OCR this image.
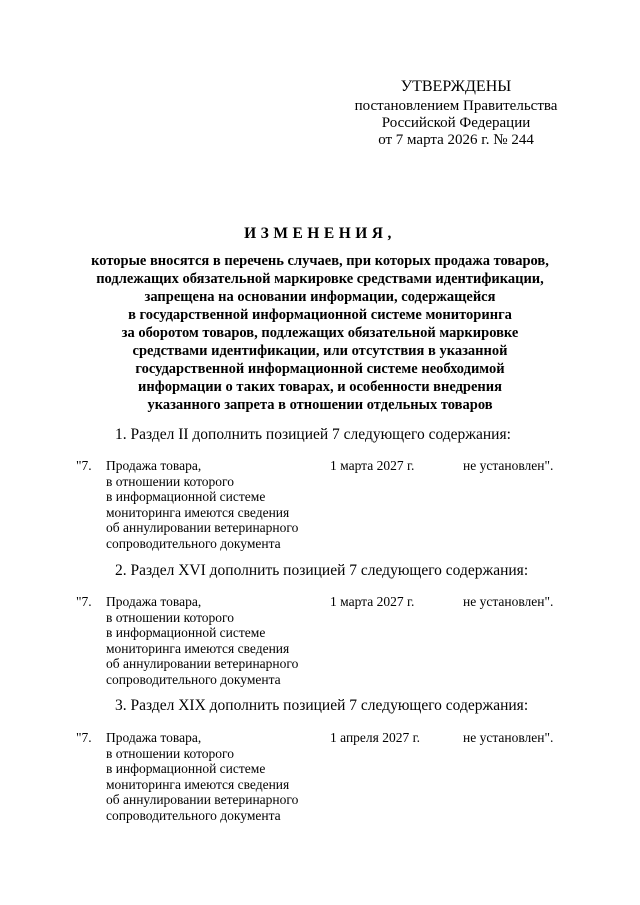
УТВЕРЖДЕНЫ
постановлением Правительства
Российской Федерации
от 7 марта 2026 г. № 244
ИЗМЕНЕНИЯ,
которые вносятся в перечень случаев, при которых продажа товаров,
подлежащих обязательной маркировке средствами идентификации,
запрещена на основании информации, содержащейся
в государственной информационной системе мониторинга
за оборотом товаров, подлежащих обязательной маркировке
средствами идентификации, или отсутствия в указанной
государственной информационной системе необходимой
информации о таких товарах, и особенности внедрения
указанного запрета в отношении отдельных товаров
1. Раздел II дополнить позицией 7 следующего содержания:
"7. Продажа товара,
в отношении которого
в информационной системе
мониторинга имеются сведения
об аннулировании ветеринарного
сопроводительного документа
1 марта 2027 г.	не установлен".
2. Раздел XVI дополнить позицией 7 следующего содержания:
"7. Продажа товара,
в отношении которого
в информационной системе
мониторинга имеются сведения
об аннулировании ветеринарного
сопроводительного документа
1 марта 2027 г.	не установлен".
3. Раздел XIX дополнить позицией 7 следующего содержания:
"7. Продажа товара,
в отношении которого
в информационной системе
мониторинга имеются сведения
об аннулировании ветеринарного
сопроводительного документа
1 апреля 2027 г.	не установлен".
